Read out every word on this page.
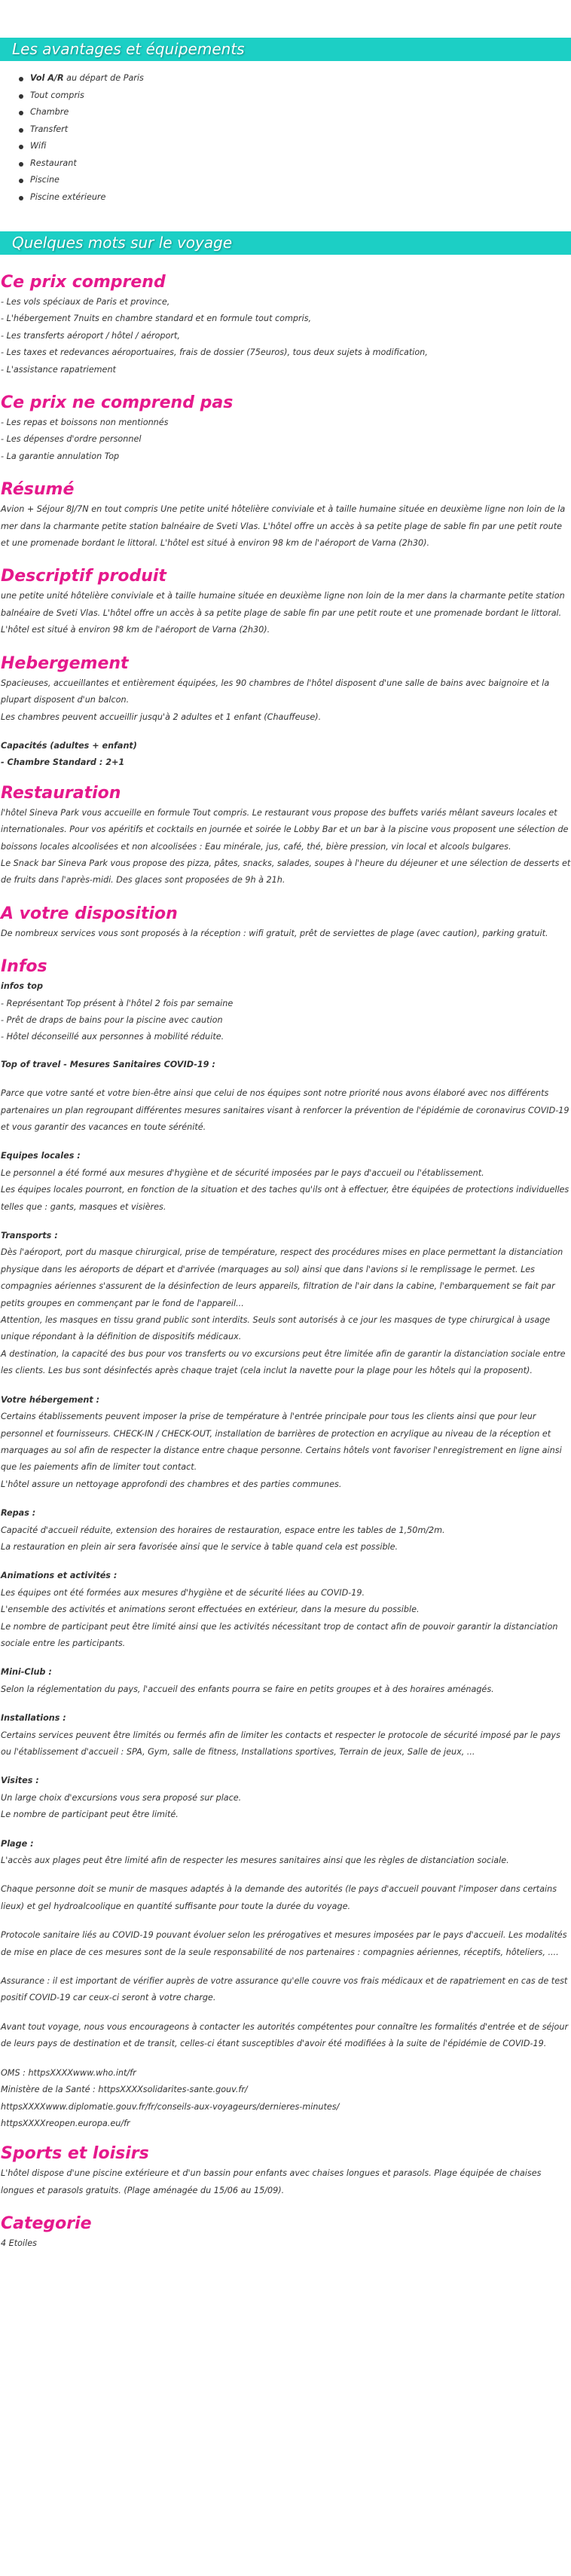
Les avantages et équipements
Vol A/R au départ de Paris
Tout compris
Chambre
Transfert
Wifi
Restaurant
Piscine
Piscine extérieure
Quelques mots sur le voyage
Ce prix comprend

- Les vols spéciaux de Paris et province,
- L'hébergement 7nuits en chambre standard et en formule tout compris,
- Les transferts aéroport / hôtel / aéroport,
- Les taxes et redevances aéroportuaires, frais de dossier (75euros), tous deux sujets à modification,
- L'assistance rapatriement

Ce prix ne comprend pas

- Les repas et boissons non mentionnés
- Les dépenses d'ordre personnel
- La garantie annulation Top

Résumé

Avion + Séjour 8J/7N en tout compris Une petite unité hôtelière conviviale et à taille humaine située en deuxième ligne non loin de la mer dans la charmante petite station balnéaire de Sveti Vlas. L'hôtel offre un accès à sa petite plage de sable fin par une petit route et une promenade bordant le littoral. L'hôtel est situé à environ 98 km de l'aéroport de Varna (2h30).

Descriptif produit

une petite unité hôtelière conviviale et à taille humaine située en deuxième ligne non loin de la mer dans la charmante petite station balnéaire de Sveti Vlas. L'hôtel offre un accès à sa petite plage de sable fin par une petit route et une promenade bordant le littoral. L'hôtel est situé à environ 98 km de l'aéroport de Varna (2h30).

Hebergement

Spacieuses, accueillantes et entièrement équipées, les 90 chambres de l'hôtel disposent d'une salle de bains avec baignoire et la plupart disposent d'un balcon.
Les chambres peuvent accueillir jusqu'à 2 adultes et 1 enfant (Chauffeuse).

Capacités (adultes + enfant)

- Chambre Standard : 2+1

Restauration

l'hôtel Sineva Park vous accueille en formule Tout compris. Le restaurant vous propose des buffets variés mêlant saveurs locales et internationales. Pour vos apéritifs et cocktails en journée et soirée le Lobby Bar et un bar à la piscine vous proposent une sélection de boissons locales alcoolisées et non alcoolisées : Eau minérale, jus, café, thé, bière pression, vin local et alcools bulgares.
Le Snack bar Sineva Park vous propose des pizza, pâtes, snacks, salades, soupes à l'heure du déjeuner et une sélection de desserts et de fruits dans l'après-midi. Des glaces sont proposées de 9h à 21h.

A votre disposition

De nombreux services vous sont proposés à la réception : wifi gratuit, prêt de serviettes de plage (avec caution), parking gratuit.

Infos

infos top

- Représentant Top présent à l'hôtel 2 fois par semaine
- Prêt de draps de bains pour la piscine avec caution
- Hôtel déconseillé aux personnes à mobilité réduite.

Top of travel - Mesures Sanitaires COVID-19 :

Parce que votre santé et votre bien-être ainsi que celui de nos équipes sont notre priorité nous avons élaboré avec nos différents partenaires un plan regroupant différentes mesures sanitaires visant à renforcer la prévention de l'épidémie de coronavirus COVID-19 et vous garantir des vacances en toute sérénité.

Equipes locales :

Le personnel a été formé aux mesures d'hygiène et de sécurité imposées par le pays d'accueil ou l'établissement.
Les équipes locales pourront, en fonction de la situation et des taches qu'ils ont à effectuer, être équipées de protections individuelles telles que : gants, masques et visières.

Transports :

Dès l'aéroport, port du masque chirurgical, prise de température, respect des procédures mises en place permettant la distanciation physique dans les aéroports de départ et d'arrivée (marquages au sol) ainsi que dans l'avions si le remplissage le permet. Les compagnies aériennes s'assurent de la désinfection de leurs appareils, filtration de l'air dans la cabine, l'embarquement se fait par petits groupes en commençant par le fond de l'appareil...
Attention, les masques en tissu grand public sont interdits. Seuls sont autorisés à ce jour les masques de type chirurgical à usage unique répondant à la définition de dispositifs médicaux.
A destination, la capacité des bus pour vos transferts ou vo excursions peut être limitée afin de garantir la distanciation sociale entre les clients. Les bus sont désinfectés après chaque trajet (cela inclut la navette pour la plage pour les hôtels qui la proposent).

Votre hébergement :

Certains établissements peuvent imposer la prise de température à l'entrée principale pour tous les clients ainsi que pour leur personnel et fournisseurs. CHECK-IN / CHECK-OUT, installation de barrières de protection en acrylique au niveau de la réception et marquages au sol afin de respecter la distance entre chaque personne. Certains hôtels vont favoriser l'enregistrement en ligne ainsi que les paiements afin de limiter tout contact.
L'hôtel assure un nettoyage approfondi des chambres et des parties communes.

Repas :

Capacité d'accueil réduite, extension des horaires de restauration, espace entre les tables de 1,50m/2m.
La restauration en plein air sera favorisée ainsi que le service à table quand cela est possible.

Animations et activités :

Les équipes ont été formées aux mesures d'hygiène et de sécurité liées au COVID-19.
L'ensemble des activités et animations seront effectuées en extérieur, dans la mesure du possible.
Le nombre de participant peut être limité ainsi que les activités nécessitant trop de contact afin de pouvoir garantir la distanciation sociale entre les participants.

Mini-Club :

Selon la réglementation du pays, l'accueil des enfants pourra se faire en petits groupes et à des horaires aménagés.

Installations :

Certains services peuvent être limités ou fermés afin de limiter les contacts et respecter le protocole de sécurité imposé par le pays ou l'établissement d'accueil : SPA, Gym, salle de fitness, Installations sportives, Terrain de jeux, Salle de jeux, ...

Visites :

Un large choix d'excursions vous sera proposé sur place.
Le nombre de participant peut être limité.

Plage :

L'accès aux plages peut être limité afin de respecter les mesures sanitaires ainsi que les règles de distanciation sociale.

Chaque personne doit se munir de masques adaptés à la demande des autorités (le pays d'accueil pouvant l'imposer dans certains lieux) et gel hydroalcoolique en quantité suffisante pour toute la durée du voyage.

Protocole sanitaire liés au COVID-19 pouvant évoluer selon les prérogatives et mesures imposées par le pays d'accueil. Les modalités de mise en place de ces mesures sont de la seule responsabilité de nos partenaires : compagnies aériennes, réceptifs, hôteliers, ....

Assurance : il est important de vérifier auprès de votre assurance qu'elle couvre vos frais médicaux et de rapatriement en cas de test positif COVID-19 car ceux-ci seront à votre charge.

Avant tout voyage, nous vous encourageons à contacter les autorités compétentes pour connaître les formalités d'entrée et de séjour de leurs pays de destination et de transit, celles-ci étant susceptibles d'avoir été modifiées à la suite de l'épidémie de COVID-19.

OMS : httpsXXXXwww.who.int/fr
Ministère de la Santé : httpsXXXXsolidarites-sante.gouv.fr/
httpsXXXXwww.diplomatie.gouv.fr/fr/conseils-aux-voyageurs/dernieres-minutes/
httpsXXXXreopen.europa.eu/fr

Sports et loisirs

L'hôtel dispose d'une piscine extérieure et d'un bassin pour enfants avec chaises longues et parasols. Plage équipée de chaises longues et parasols gratuits. (Plage aménagée du 15/06 au 15/09).

Categorie

4 Etoiles
